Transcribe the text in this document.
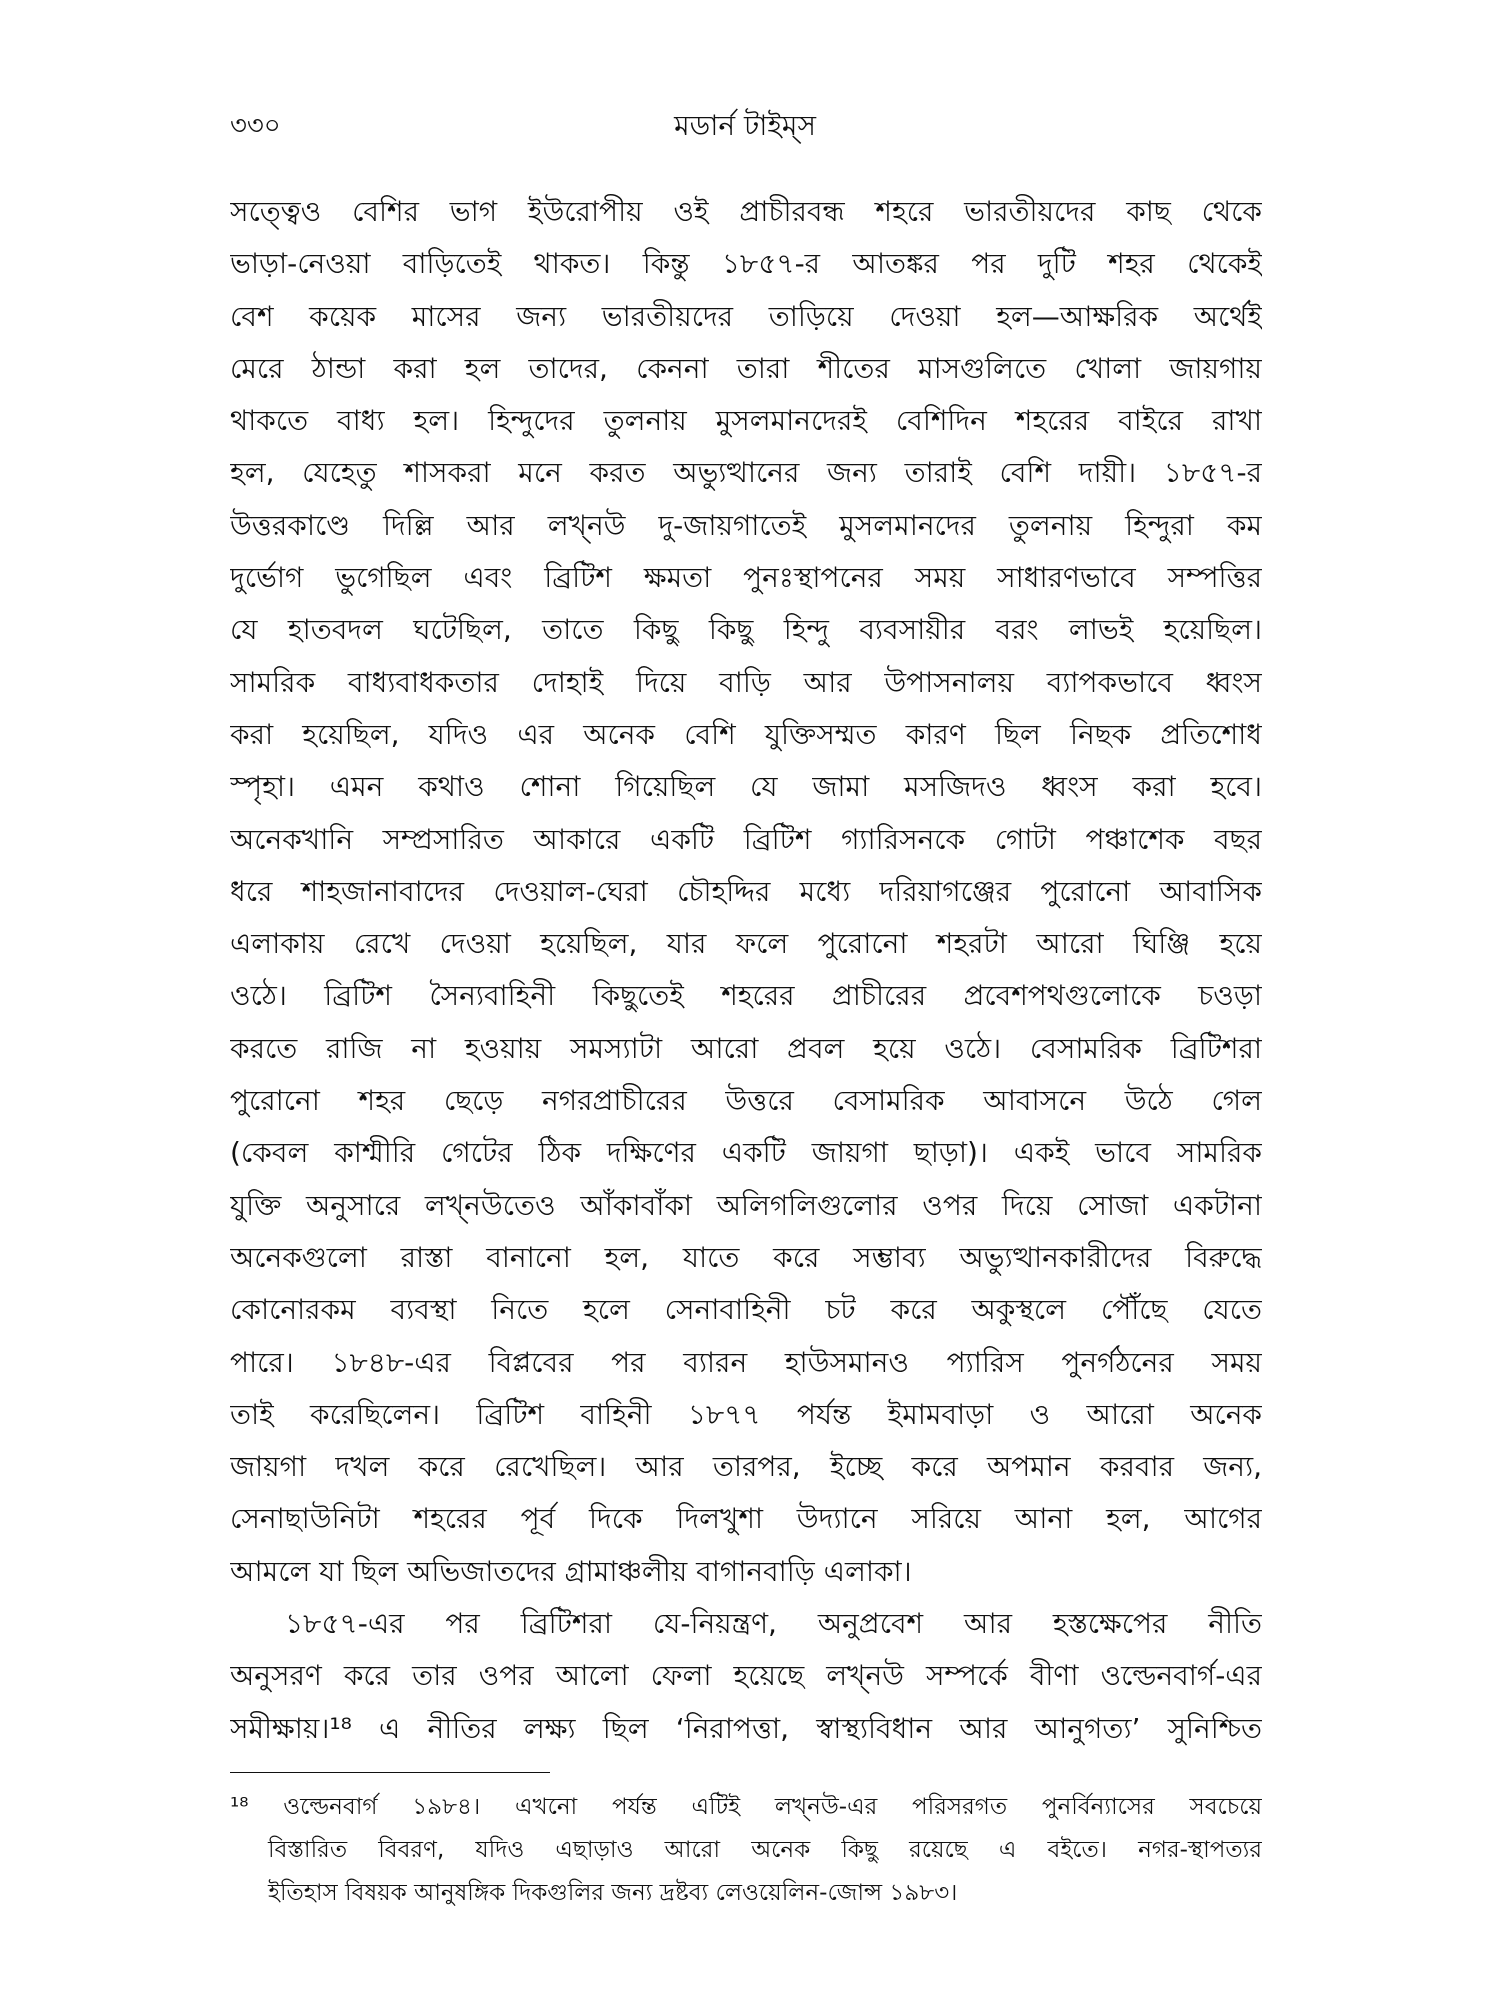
৩৩০	মডার্ন টাইম্‌স
সত্ত্বেও বেশির ভাগ ইউরোপীয় ওই প্রাচীরবন্ধ শহরে ভারতীয়দের কাছ থেকে
ভাড়া-নেওয়া বাড়িতেই থাকত। কিন্তু ১৮৫৭-র আতঙ্কর পর দুটি শহর থেকেই
বেশ কয়েক মাসের জন্য ভারতীয়দের তাড়িয়ে দেওয়া হল—আক্ষরিক অর্থেই
মেরে ঠান্ডা করা হল তাদের, কেননা তারা শীতের মাসগুলিতে খোলা জায়গায়
থাকতে বাধ্য হল। হিন্দুদের তুলনায় মুসলমানদেরই বেশিদিন শহরের বাইরে রাখা
হল, যেহেতু শাসকরা মনে করত অভ্যুত্থানের জন্য তারাই বেশি দায়ী। ১৮৫৭-র
উত্তরকাণ্ডে দিল্লি আর লখ্নউ দু-জায়গাতেই মুসলমানদের তুলনায় হিন্দুরা কম
দুর্ভোগ ভুগেছিল এবং ব্রিটিশ ক্ষমতা পুনঃস্থাপনের সময় সাধারণভাবে সম্পত্তির
যে হাতবদল ঘটেছিল, তাতে কিছু কিছু হিন্দু ব্যবসায়ীর বরং লাভই হয়েছিল।
সামরিক বাধ্যবাধকতার দোহাই দিয়ে বাড়ি আর উপাসনালয় ব্যাপকভাবে ধ্বংস
করা হয়েছিল, যদিও এর অনেক বেশি যুক্তিসম্মত কারণ ছিল নিছক প্রতিশোধ
স্পৃহা। এমন কথাও শোনা গিয়েছিল যে জামা মসজিদও ধ্বংস করা হবে।
অনেকখানি সম্প্রসারিত আকারে একটি ব্রিটিশ গ্যারিসনকে গোটা পঞ্চাশেক বছর
ধরে শাহজানাবাদের দেওয়াল-ঘেরা চৌহদ্দির মধ্যে দরিয়াগঞ্জের পুরোনো আবাসিক
এলাকায় রেখে দেওয়া হয়েছিল, যার ফলে পুরোনো শহরটা আরো ঘিঞ্জি হয়ে
ওঠে। ব্রিটিশ সৈন্যবাহিনী কিছুতেই শহরের প্রাচীরের প্রবেশপথগুলোকে চওড়া
করতে রাজি না হওয়ায় সমস্যাটা আরো প্রবল হয়ে ওঠে। বেসামরিক ব্রিটিশরা
পুরোনো শহর ছেড়ে নগরপ্রাচীরের উত্তরে বেসামরিক আবাসনে উঠে গেল
(কেবল কাশ্মীরি গেটের ঠিক দক্ষিণের একটি জায়গা ছাড়া)। একই ভাবে সামরিক
যুক্তি অনুসারে লখ্নউতেও আঁকাবাঁকা অলিগলিগুলোর ওপর দিয়ে সোজা একটানা
অনেকগুলো রাস্তা বানানো হল, যাতে করে সম্ভাব্য অভ্যুত্থানকারীদের বিরুদ্ধে
কোনোরকম ব্যবস্থা নিতে হলে সেনাবাহিনী চট করে অকুস্থলে পৌঁছে যেতে
পারে। ১৮৪৮-এর বিপ্লবের পর ব্যারন হাউসমানও প্যারিস পুনর্গঠনের সময়
তাই করেছিলেন। ব্রিটিশ বাহিনী ১৮৭৭ পর্যন্ত ইমামবাড়া ও আরো অনেক
জায়গা দখল করে রেখেছিল। আর তারপর, ইচ্ছে করে অপমান করবার জন্য,
সেনাছাউনিটা শহরের পূর্ব দিকে দিলখুশা উদ্যানে সরিয়ে আনা হল, আগের
আমলে যা ছিল অভিজাতদের গ্রামাঞ্চলীয় বাগানবাড়ি এলাকা।
১৮৫৭-এর পর ব্রিটিশরা যে-নিয়ন্ত্রণ, অনুপ্রবেশ আর হস্তক্ষেপের নীতি
অনুসরণ করে তার ওপর আলো ফেলা হয়েছে লখ্নউ সম্পর্কে বীণা ওল্ডেনবার্গ-এর
সমীক্ষায়।¹⁸ এ নীতির লক্ষ্য ছিল ‘নিরাপত্তা, স্বাস্থ্যবিধান আর আনুগত্য’ সুনিশ্চিত
¹⁸ ওল্ডেনবার্গ ১৯৮৪। এখনো পর্যন্ত এটিই লখ্নউ-এর পরিসরগত পুনর্বিন্যাসের সবচেয়ে
বিস্তারিত বিবরণ, যদিও এছাড়াও আরো অনেক কিছু রয়েছে এ বইতে। নগর-স্থাপত্যর
ইতিহাস বিষয়ক আনুষঙ্গিক দিকগুলির জন্য দ্রষ্টব্য লেওয়েলিন-জোন্স ১৯৮৩।
